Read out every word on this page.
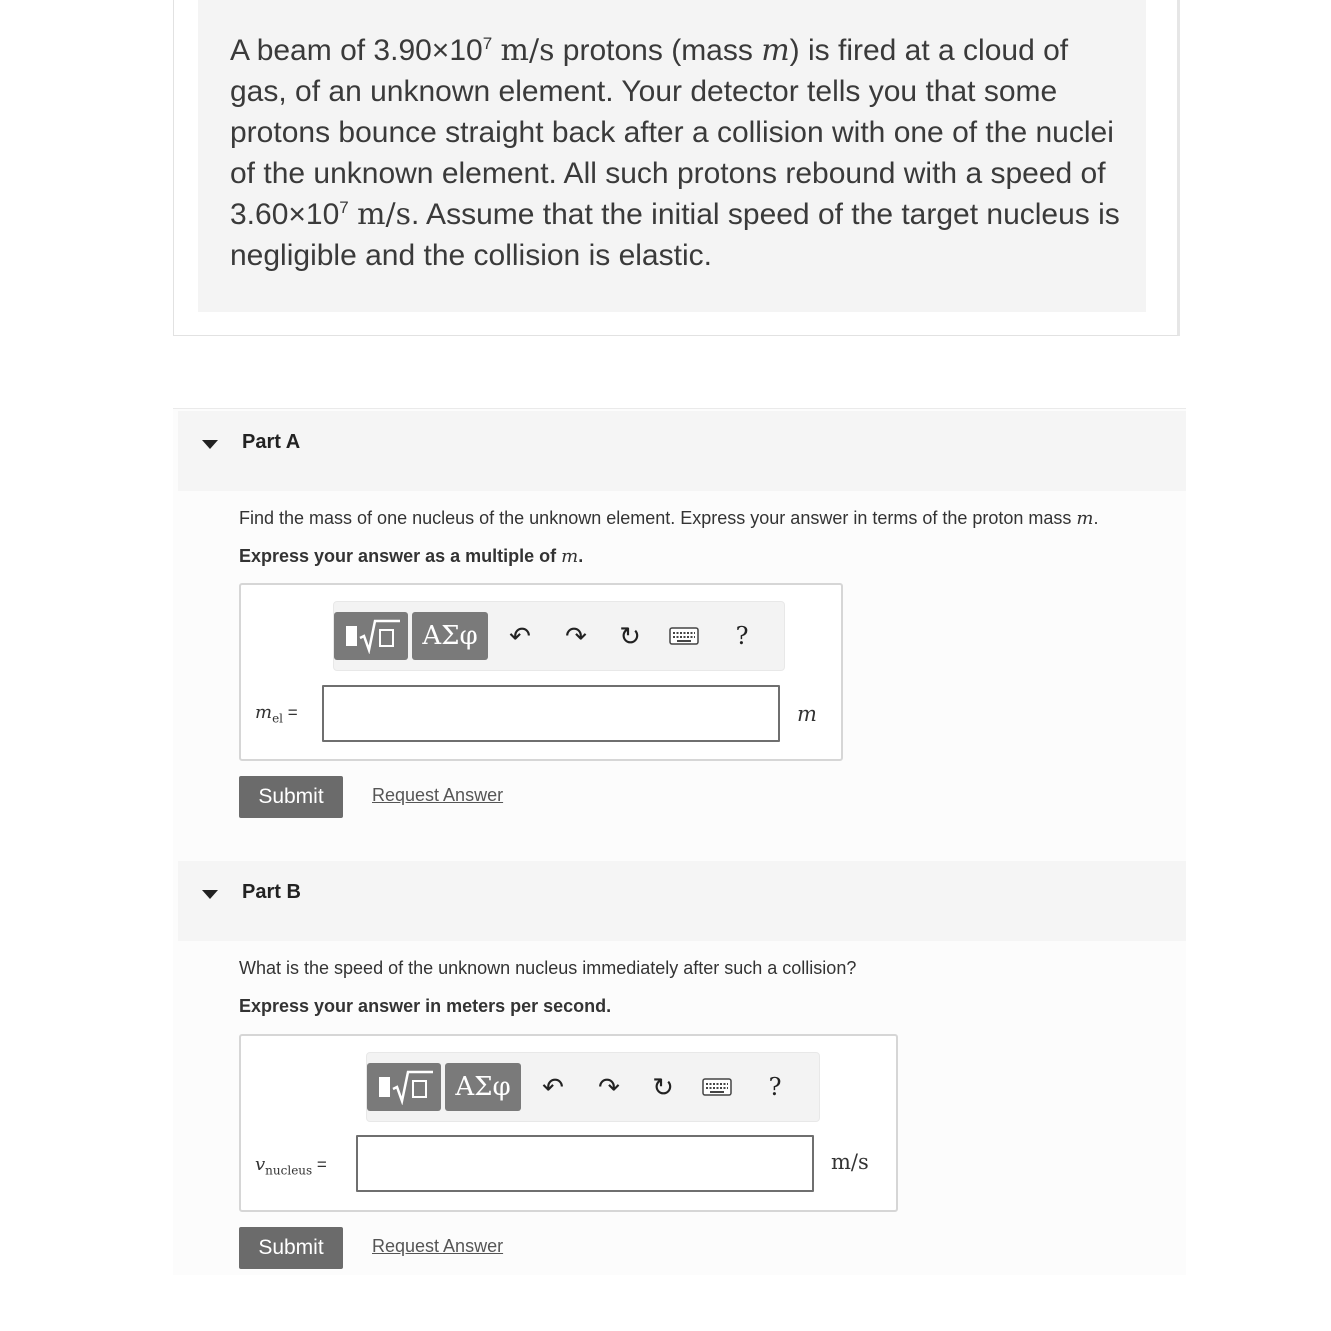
A beam of $3.90\times 10^7$ m/s protons (mass m) is fired at a cloud of gas, of an unknown element. Your detector tells you that some protons bounce straight back after a collision with one of the nuclei of the unknown element. All such protons rebound with a speed of $3.60\times 10^7$ m/s. Assume that the initial speed of the target nucleus is negligible and the collision is elastic.
Part A
Find the mass of one nucleus of the unknown element. Express your answer in terms of the proton mass m.
Express your answer as a multiple of m.
ΑΣφ	↶ ↷ ↻	?
$m_{el}$ =	m
Submit	Request Answer
Part B
What is the speed of the unknown nucleus immediately after such a collision?
Express your answer in meters per second.
ΑΣφ	↶ ↷ ↻	?
$v_{nucleus}$ =	m/s
Submit	Request Answer
